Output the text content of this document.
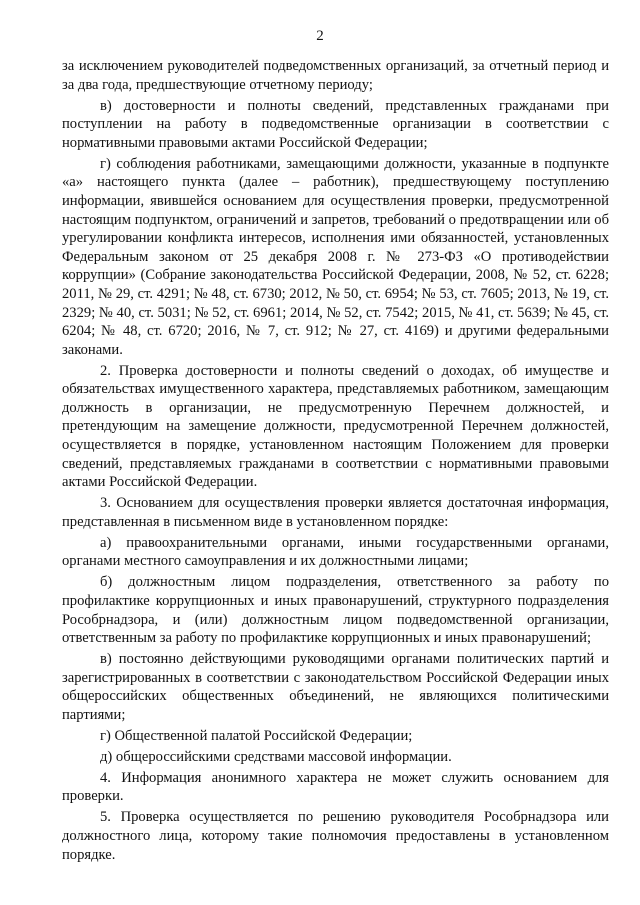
2

за исключением руководителей подведомственных организаций, за отчетный период и за два года, предшествующие отчетному периоду;

в) достоверности и полноты сведений, представленных гражданами при поступлении на работу в подведомственные организации в соответствии с нормативными правовыми актами Российской Федерации;

г) соблюдения работниками, замещающими должности, указанные в подпункте «а» настоящего пункта (далее – работник), предшествующему поступлению информации, явившейся основанием для осуществления проверки, предусмотренной настоящим подпунктом, ограничений и запретов, требований о предотвращении или об урегулировании конфликта интересов, исполнения ими обязанностей, установленных Федеральным законом от 25 декабря 2008 г. № 273-ФЗ «О противодействии коррупции» (Собрание законодательства Российской Федерации, 2008, № 52, ст. 6228; 2011, № 29, ст. 4291; № 48, ст. 6730; 2012, № 50, ст. 6954; № 53, ст. 7605; 2013, № 19, ст. 2329; № 40, ст. 5031; № 52, ст. 6961; 2014, № 52, ст. 7542; 2015, № 41, ст. 5639; № 45, ст. 6204; № 48, ст. 6720; 2016, № 7, ст. 912; № 27, ст. 4169) и другими федеральными законами.

2. Проверка достоверности и полноты сведений о доходах, об имуществе и обязательствах имущественного характера, представляемых работником, замещающим должность в организации, не предусмотренную Перечнем должностей, и претендующим на замещение должности, предусмотренной Перечнем должностей, осуществляется в порядке, установленном настоящим Положением для проверки сведений, представляемых гражданами в соответствии с нормативными правовыми актами Российской Федерации.

3. Основанием для осуществления проверки является достаточная информация, представленная в письменном виде в установленном порядке:

а) правоохранительными органами, иными государственными органами, органами местного самоуправления и их должностными лицами;

б) должностным лицом подразделения, ответственного за работу по профилактике коррупционных и иных правонарушений, структурного подразделения Рособрнадзора, и (или) должностным лицом подведомственной организации, ответственным за работу по профилактике коррупционных и иных правонарушений;

в) постоянно действующими руководящими органами политических партий и зарегистрированных в соответствии с законодательством Российской Федерации иных общероссийских общественных объединений, не являющихся политическими партиями;

г) Общественной палатой Российской Федерации;

д) общероссийскими средствами массовой информации.

4. Информация анонимного характера не может служить основанием для проверки.

5. Проверка осуществляется по решению руководителя Рособрнадзора или должностного лица, которому такие полномочия предоставлены в установленном порядке.
